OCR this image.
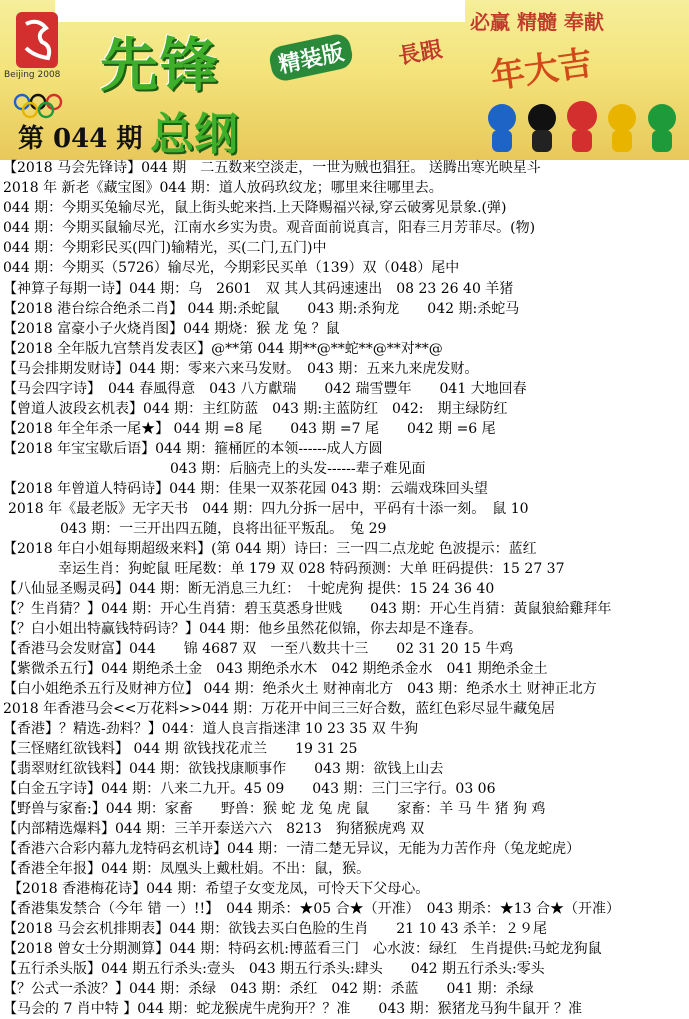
Beijing 2008 先锋	精装版
总纲
第 044 期
必赢 精髓 奉献
長跟 年大吉
【2018 马会先锋诗】044 期　二五数来空淡走，一世为贼也猖狂。 送腾出寒光映星斗
2018 年 新老《藏宝图》044 期：道人放码玖纹龙；哪里来往哪里去。
044 期：今期买兔输尽光，鼠上街头蛇来挡.上天降赐福兴禄,穿云破雾见景象.(弹)
044 期：今期买鼠输尽光，江南水乡实为贵。观音面前说真言，阳春三月芳菲尽。(物)
044 期：今期彩民买(四门)输精光，买(二门,五门)中
044 期：今期买（5726）输尽光，今期彩民买单（139）双（048）尾中
【神算子每期一诗】044 期：乌　2601　双 其人其码速速出　08 23 26 40 羊猪
【2018 港台综合绝杀二肖】 044 期:杀蛇鼠　　043 期:杀狗龙　　042 期:杀蛇马
【2018 富豪小子火烧肖图】044 期烧：猴 龙 兔 ？鼠
【2018 全年版九宫禁肖发表区】@**第 044 期**@**蛇**@**对**@
【马会排期发财诗】044 期：零来六来马发财。　043 期：五来九来虎发财。
【马会四字诗】　044 春風得意　043 八方獻瑞　　042 瑞雪豐年　　041 大地回春
【曾道人波段玄机表】044 期：主红防蓝　043 期:主蓝防红　042:　期主绿防红
【2018 年全年杀一尾★】 044 期 =8 尾　　043 期 =7 尾　　042 期 =6 尾
【2018 年宝宝歇后语】044 期：箍桶匠的本领------成人方圆
043 期：后脑壳上的头发------辈子难见面
【2018 年曾道人特码诗】044 期：佳果一双茶花园 043 期：云端戏珠回头望
2018 年《最老版》无字天书　044 期：四九分拆一居中，平码有十添一刻。　鼠 10
043 期：一三开出四五随，良将出征平叛乱。　兔 29
【2018 年白小姐每期超级来料】(第 044 期）诗曰：三一四二点龙蛇 色波提示：蓝红
幸运生肖：狗蛇鼠 旺尾数：单 179 双 028 特码预测：大单 旺码提供：15 27 37
【八仙显圣赐灵码】044 期：断无消息三九红：　十蛇虎狗 提供：15 24 36 40
【？生肖猜？】044 期：开心生肖猜：碧玉莫悉身世贱　　043 期：开心生肖猜：黃鼠狼給雞拜年
【？白小姐出特赢钱特码诗？】044 期：他乡虽然花似锦，你去却是不逢春。
【香港马会发财富】044　　锦 4687 双　一至八数共十三　　02 31 20 15 牛鸡
【紫微杀五行】044 期绝杀土金　043 期绝杀水木　042 期绝杀金水　041 期绝杀金土
【白小姐绝杀五行及财神方位】 044 期：绝杀火土 财神南北方　043 期：绝杀水土 财神正北方
2018 年香港马会<<万花料>>044 期：万花开中间三三好合数，蓝红色彩尽显牛藏兔居
【香港】？精选-劲料？】044：道人良言指迷津 10 23 35 双 牛狗
【三怪赌红欲钱料】 044 期 欲钱找花朮兰　　19 31 25
【翡翠财红欲钱料】044 期：欲钱找康顺事作　　043 期：欲钱上山去
【白金五字诗】044 期：八来二九开。45 09　　043 期：三门三字行。03 06
【野兽与家畜:】044 期：家畜　　野兽：猴 蛇 龙 兔 虎 鼠　　家畜：羊 马 牛 猪 狗 鸡
【内部精选爆料】044 期：三羊开泰送六六　8213　狗猪猴虎鸡 双
【香港六合彩内幕九龙特码玄机诗】044 期：一清二楚无异议，无能为力苦作舟（兔龙蛇虎）
【香港全年报】044 期：凤凰头上戴杜娟。不出：鼠，猴。
【2018 香港梅花诗】044 期：希望子女变龙凤，可怜天下父母心。
【香港集发禁合（今年 错 一）!!】　044 期杀：★05 合★（开准）　043 期杀：★13 合★（开准）
【2018 马会玄机排期表】044 期：欲钱去买白色脸的生肖　　21 10 43 杀羊：２９尾
【2018 曾女士分期测算】044 期：特码玄机:博蓝看三门　心水波：绿红　生肖提供:马蛇龙狗鼠
【五行杀头版】044 期五行杀头:壹头　043 期五行杀头:肆头　　042 期五行杀头:零头
【？公式一杀波？】044 期：杀绿　043 期：杀红　042 期：杀蓝　　041 期：杀绿
【马会的 7 肖中特 】044 期：蛇龙猴虎牛虎狗开？？准　　043 期：猴猪龙马狗牛鼠开 ？准
